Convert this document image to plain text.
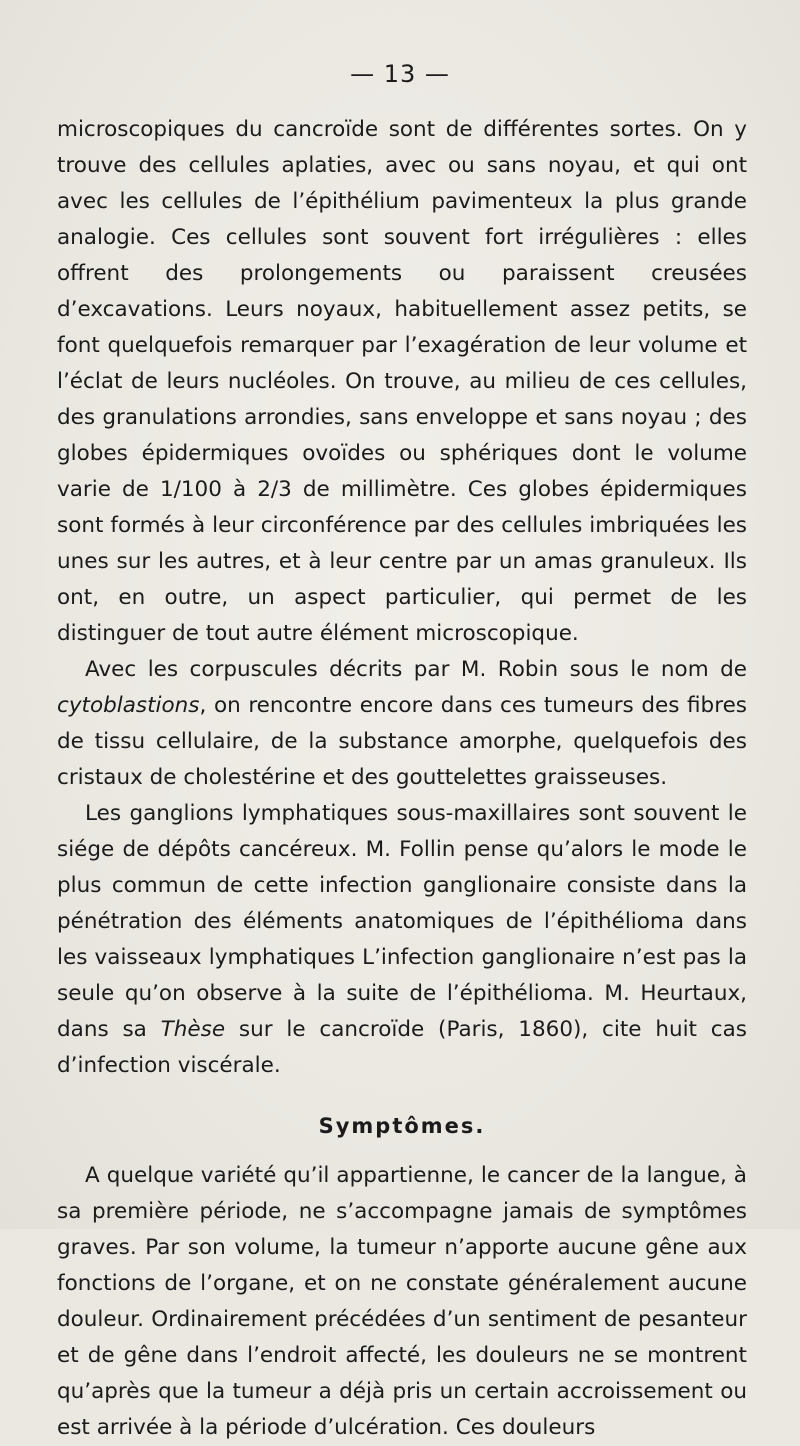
— 13 —

microscopiques du cancroïde sont de différentes sortes. On y trouve des cellules aplaties, avec ou sans noyau, et qui ont avec les cellules de l’épithélium pavimenteux la plus grande analogie. Ces cellules sont souvent fort irrégulières : elles offrent des prolongements ou paraissent creusées d’excavations. Leurs noyaux, habituellement assez petits, se font quelquefois remarquer par l’exagération de leur volume et l’éclat de leurs nucléoles. On trouve, au milieu de ces cellules, des granulations arrondies, sans enveloppe et sans noyau ; des globes épidermiques ovoïdes ou sphériques dont le volume varie de 1/100 à 2/3 de millimètre. Ces globes épidermiques sont formés à leur circonférence par des cellules imbriquées les unes sur les autres, et à leur centre par un amas granuleux. Ils ont, en outre, un aspect particulier, qui permet de les distinguer de tout autre élément microscopique.

Avec les corpuscules décrits par M. Robin sous le nom de cytoblastions, on rencontre encore dans ces tumeurs des fibres de tissu cellulaire, de la substance amorphe, quelquefois des cristaux de cholestérine et des gouttelettes graisseuses.

Les ganglions lymphatiques sous-maxillaires sont souvent le siége de dépôts cancéreux. M. Follin pense qu’alors le mode le plus commun de cette infection ganglionaire consiste dans la pénétration des éléments anatomiques de l’épithélioma dans les vaisseaux lymphatiques L’infection ganglionaire n’est pas la seule qu’on observe à la suite de l’épithélioma. M. Heurtaux, dans sa Thèse sur le cancroïde (Paris, 1860), cite huit cas d’infection viscérale.

Symptômes.

A quelque variété qu’il appartienne, le cancer de la langue, à sa première période, ne s’accompagne jamais de symptômes graves. Par son volume, la tumeur n’apporte aucune gêne aux fonctions de l’organe, et on ne constate généralement aucune douleur. Ordinairement précédées d’un sentiment de pesanteur et de gêne dans l’endroit affecté, les douleurs ne se montrent qu’après que la tumeur a déjà pris un certain accroissement ou est arrivée à la période d’ulcération. Ces douleurs
